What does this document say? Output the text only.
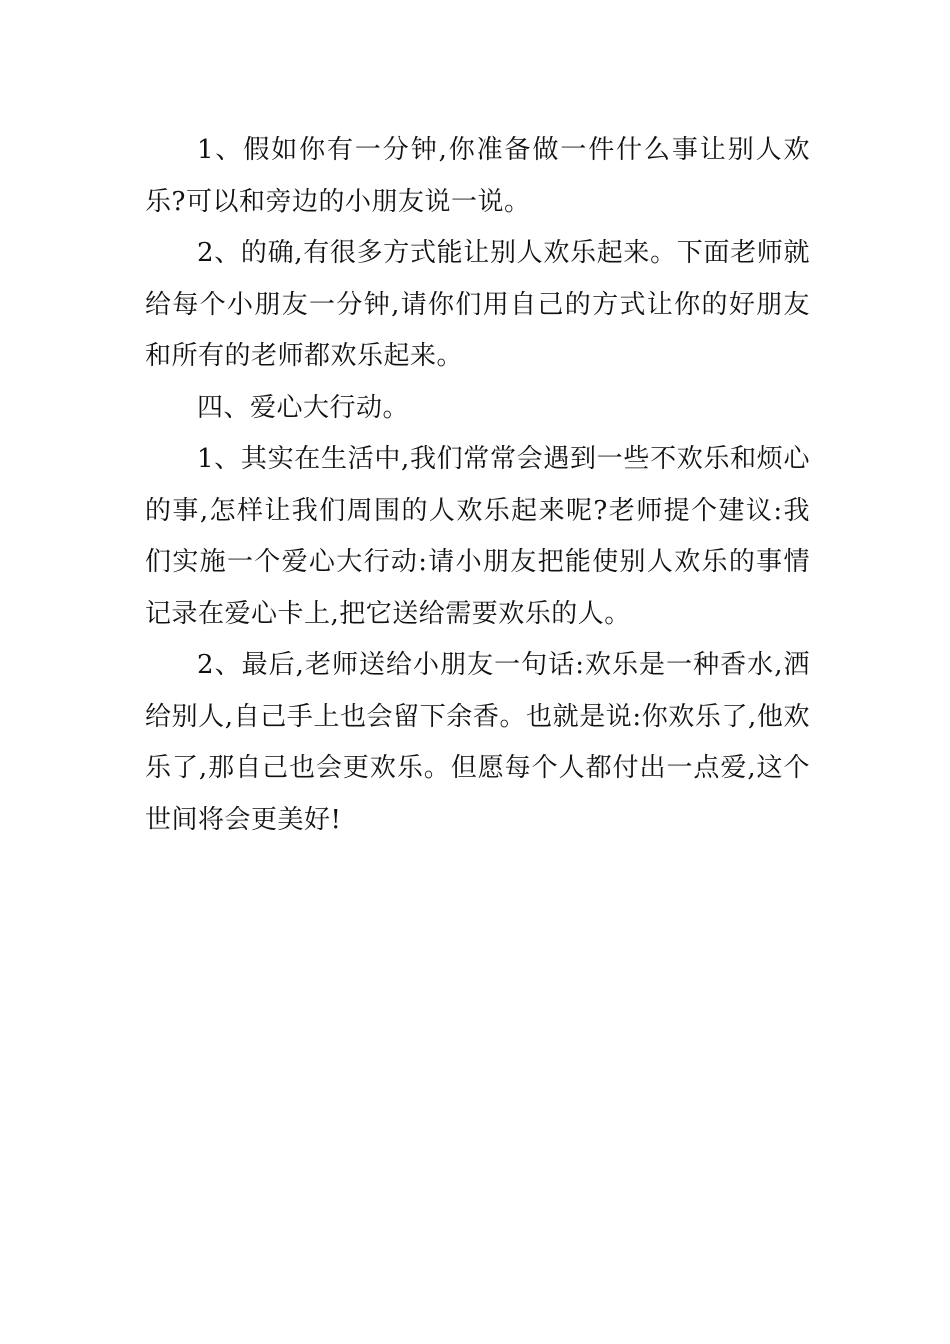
1、假如你有一分钟,你准备做一件什么事让别人欢乐?可以和旁边的小朋友说一说。

2、的确,有很多方式能让别人欢乐起来。下面老师就给每个小朋友一分钟,请你们用自己的方式让你的好朋友和所有的老师都欢乐起来。

四、爱心大行动。

1、其实在生活中,我们常常会遇到一些不欢乐和烦心的事,怎样让我们周围的人欢乐起来呢?老师提个建议:我们实施一个爱心大行动:请小朋友把能使别人欢乐的事情记录在爱心卡上,把它送给需要欢乐的人。

2、最后,老师送给小朋友一句话:欢乐是一种香水,洒给别人,自己手上也会留下余香。也就是说:你欢乐了,他欢乐了,那自己也会更欢乐。但愿每个人都付出一点爱,这个世间将会更美好!
